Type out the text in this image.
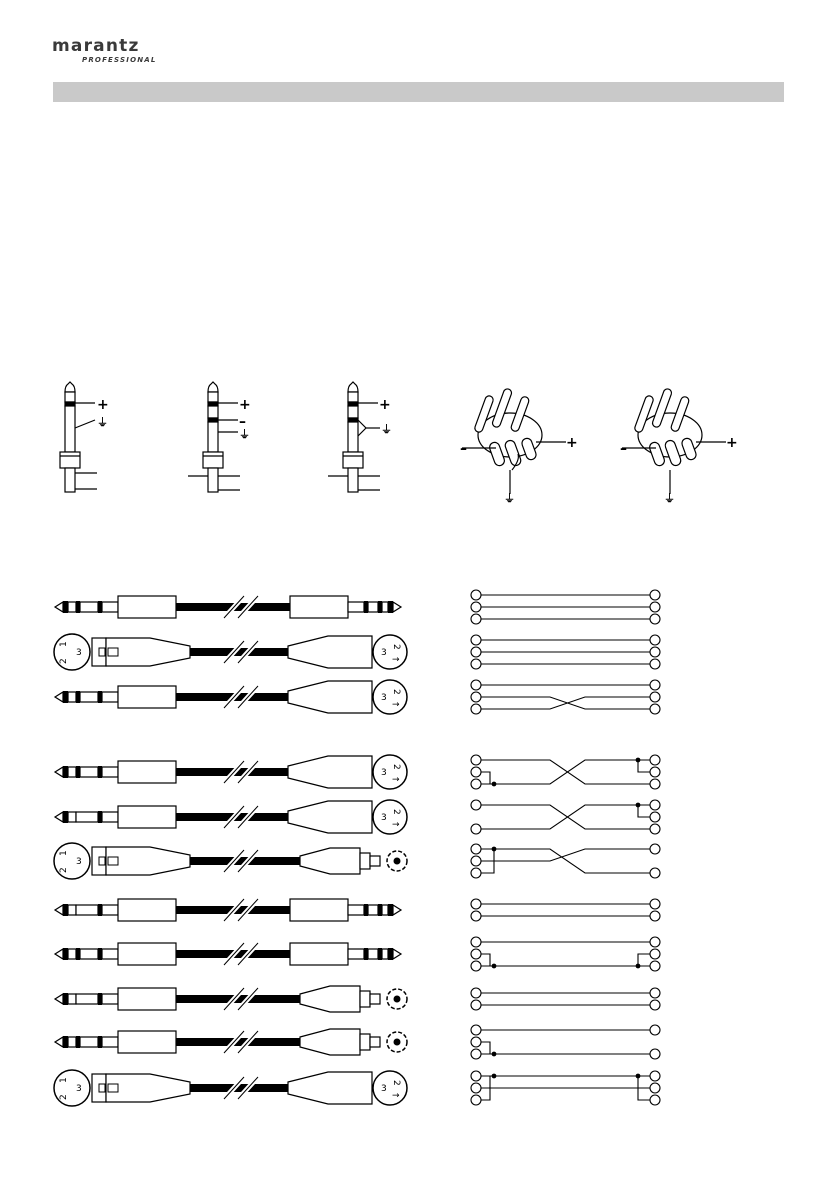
marantz
PROFESSIONAL
+
⏚
+
–
⏚
+
⏚
–	+
⏚
–	+
⏚
1
3
2
2
3
→
2
3
→
2
3
→
2
3
→
1
3
2
1
3
2
2
3
→
